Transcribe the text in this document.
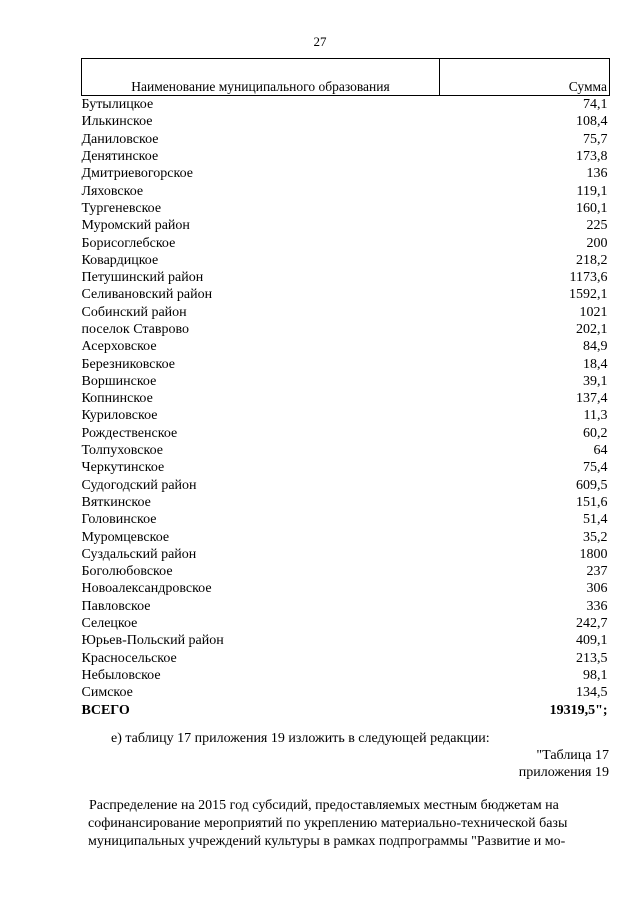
27
Наименование муниципального образования	Сумма
Бутылицкое	74,1
Илькинское	108,4
Даниловское	75,7
Денятинское	173,8
Дмитриевогорское	136
Ляховское	119,1
Тургеневское	160,1
Муромский район	225
Борисоглебское	200
Ковардицкое	218,2
Петушинский район	1173,6
Селивановский район	1592,1
Собинский район	1021
поселок Ставрово	202,1
Асерховское	84,9
Березниковское	18,4
Воршинское	39,1
Копнинское	137,4
Куриловское	11,3
Рождественское	60,2
Толпуховское	64
Черкутинское	75,4
Судогодский район	609,5
Вяткинское	151,6
Головинское	51,4
Муромцевское	35,2
Суздальский район	1800
Боголюбовское	237
Новоалександровское	306
Павловское	336
Селецкое	242,7
Юрьев-Польский район	409,1
Красносельское	213,5
Небыловское	98,1
Симское	134,5
ВСЕГО	19319,5";
е) таблицу 17 приложения 19 изложить в следующей редакции:
"Таблица 17
приложения 19
Распределение на 2015 год субсидий, предоставляемых местным бюджетам на софинансирование мероприятий по укреплению материально-технической базы муниципальных учреждений культуры в рамках подпрограммы "Развитие и мо-
